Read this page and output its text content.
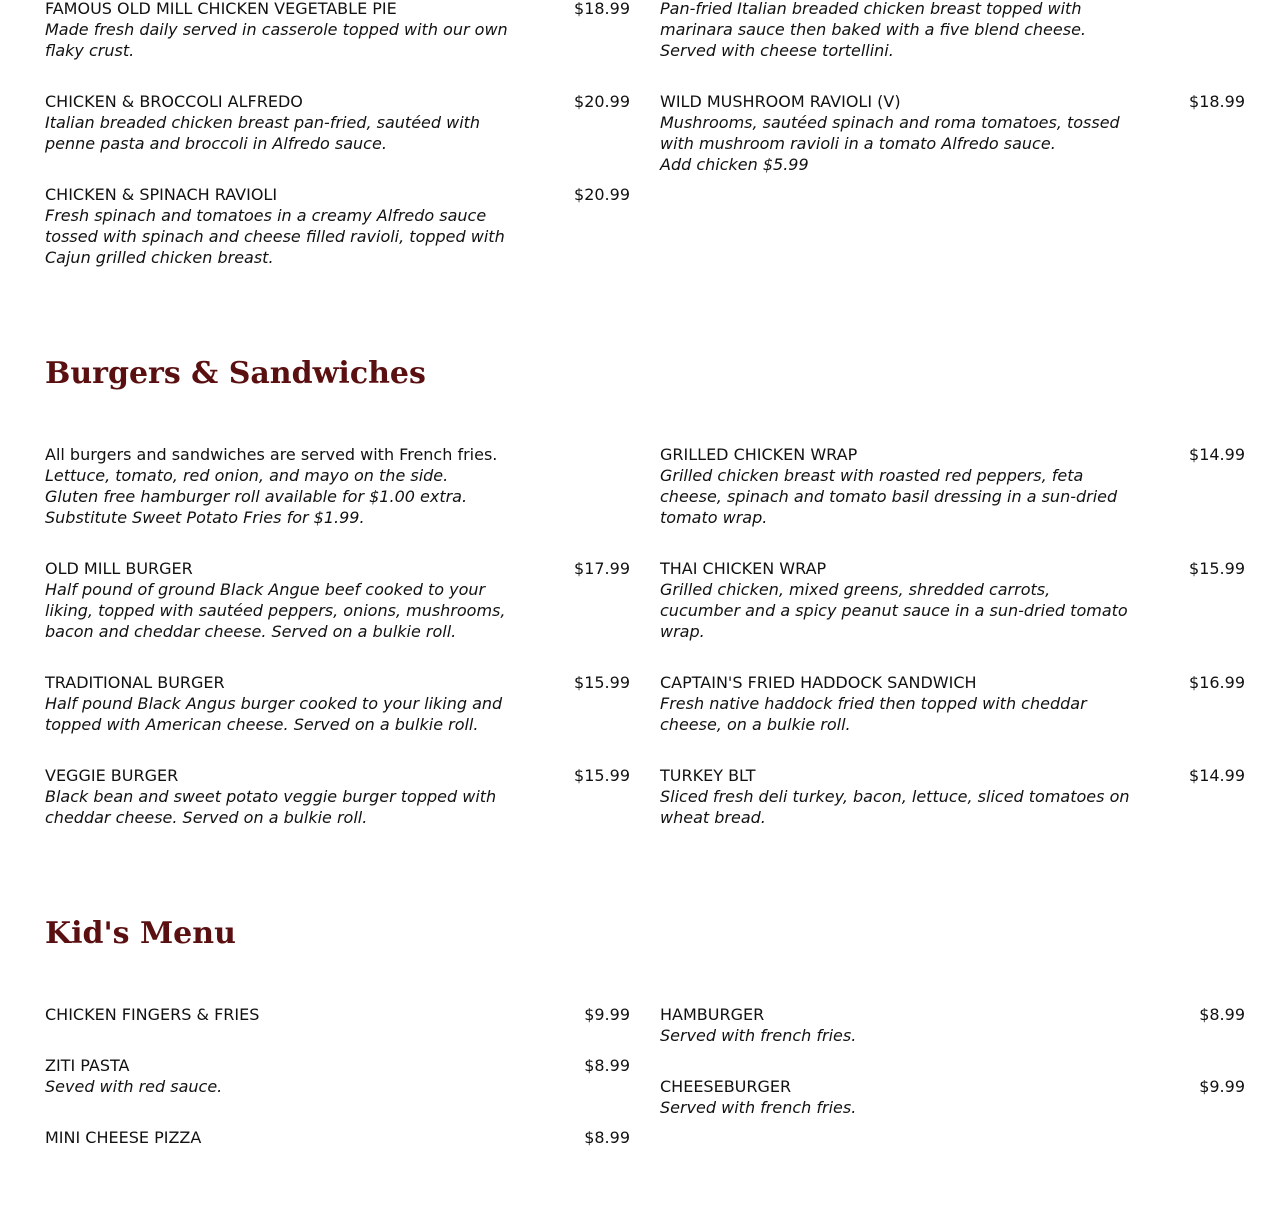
FAMOUS OLD MILL CHICKEN VEGETABLE PIE	$18.99
Made fresh daily served in casserole topped with our own flaky crust.
CHICKEN & BROCCOLI ALFREDO	$20.99
Italian breaded chicken breast pan-fried, sautéed with penne pasta and broccoli in Alfredo sauce.
CHICKEN & SPINACH RAVIOLI	$20.99
Fresh spinach and tomatoes in a creamy Alfredo sauce tossed with spinach and cheese filled ravioli, topped with Cajun grilled chicken breast.
Pan-fried Italian breaded chicken breast topped with marinara sauce then baked with a five blend cheese. Served with cheese tortellini.
WILD MUSHROOM RAVIOLI (V)	$18.99
Mushrooms, sautéed spinach and roma tomatoes, tossed with mushroom ravioli in a tomato Alfredo sauce.
Add chicken $5.99
Burgers & Sandwiches
All burgers and sandwiches are served with French fries.
Lettuce, tomato, red onion, and mayo on the side.
Gluten free hamburger roll available for $1.00 extra.
Substitute Sweet Potato Fries for $1.99.
OLD MILL BURGER	$17.99
Half pound of ground Black Angue beef cooked to your liking, topped with sautéed peppers, onions, mushrooms, bacon and cheddar cheese. Served on a bulkie roll.
TRADITIONAL BURGER	$15.99
Half pound Black Angus burger cooked to your liking and topped with American cheese. Served on a bulkie roll.
VEGGIE BURGER	$15.99
Black bean and sweet potato veggie burger topped with cheddar cheese. Served on a bulkie roll.
GRILLED CHICKEN WRAP	$14.99
Grilled chicken breast with roasted red peppers, feta cheese, spinach and tomato basil dressing in a sun-dried tomato wrap.
THAI CHICKEN WRAP	$15.99
Grilled chicken, mixed greens, shredded carrots, cucumber and a spicy peanut sauce in a sun-dried tomato wrap.
CAPTAIN'S FRIED HADDOCK SANDWICH	$16.99
Fresh native haddock fried then topped with cheddar cheese, on a bulkie roll.
TURKEY BLT	$14.99
Sliced fresh deli turkey, bacon, lettuce, sliced tomatoes on wheat bread.
Kid's Menu
CHICKEN FINGERS & FRIES	$9.99
ZITI PASTA	$8.99
Seved with red sauce.
MINI CHEESE PIZZA	$8.99
HAMBURGER	$8.99
Served with french fries.
CHEESEBURGER	$9.99
Served with french fries.
